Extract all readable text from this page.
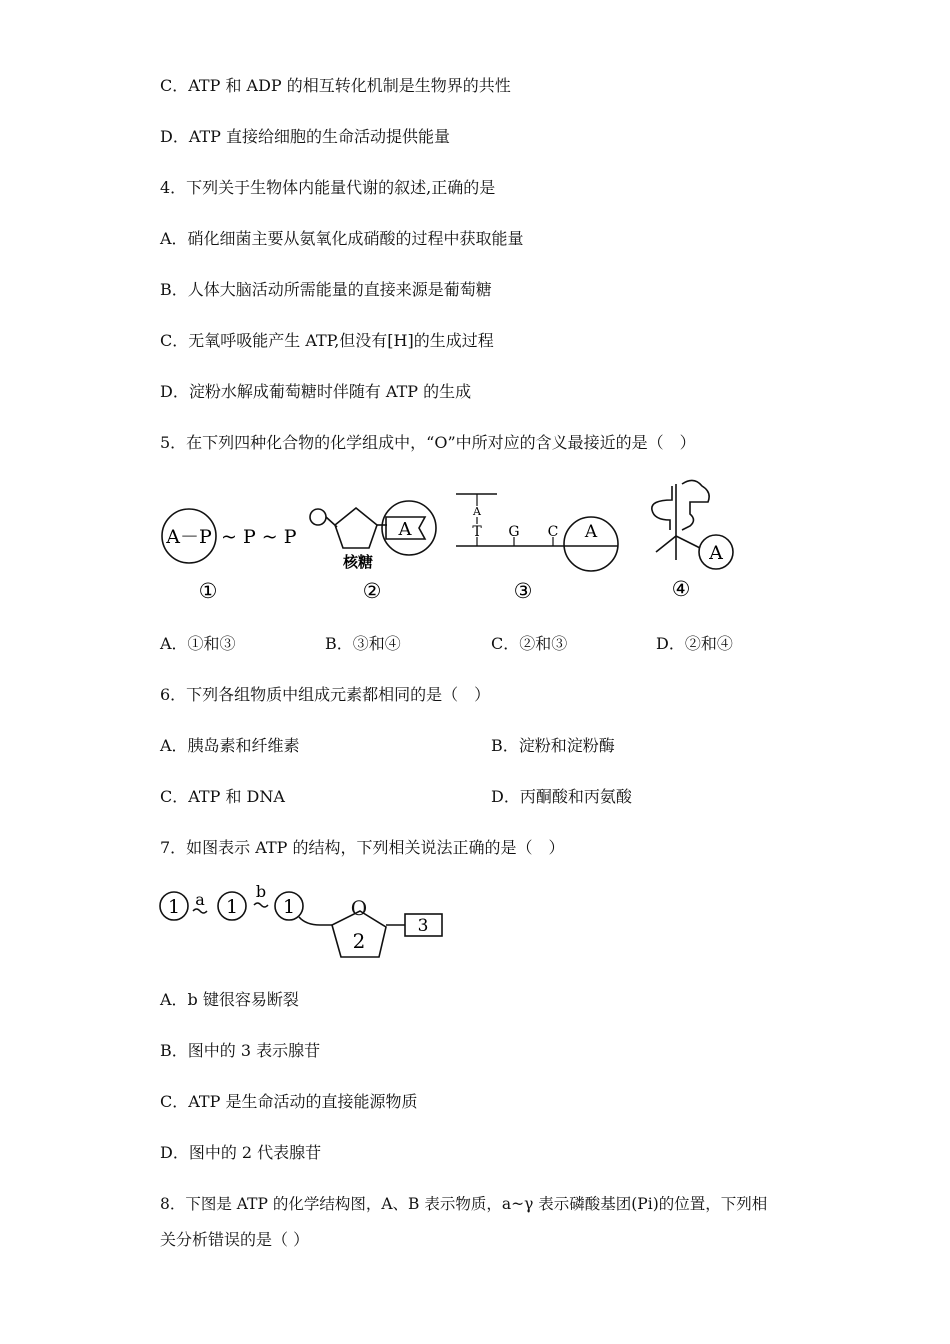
C．ATP 和 ADP 的相互转化机制是生物界的共性
D．ATP 直接给细胞的生命活动提供能量
4．下列关于生物体内能量代谢的叙述,正确的是
A．硝化细菌主要从氨氧化成硝酸的过程中获取能量
B．人体大脑活动所需能量的直接来源是葡萄糖
C．无氧呼吸能产生 ATP,但没有[H]的生成过程
D．淀粉水解成葡萄糖时伴随有 ATP 的生成
5．在下列四种化合物的化学组成中，“O”中所对应的含义最接近的是（　）
A－P ~ P ~ P
①
A
核糖
②
A
T G C A
③
A
④
A．①和③	B．③和④	C．②和③	D．②和④
6．下列各组物质中组成元素都相同的是（　）
A．胰岛素和纤维素	B．淀粉和淀粉酶
C．ATP 和 DNA	D．丙酮酸和丙氨酸
7．如图表示 ATP 的结构，下列相关说法正确的是（　）
1 a 1
b
1	O
2
3
A．b 键很容易断裂
B．图中的 3 表示腺苷
C．ATP 是生命活动的直接能源物质
D．图中的 2 代表腺苷
8．下图是 ATP 的化学结构图，A、B 表示物质，a~γ 表示磷酸基团(Pi)的位置，下列相
关分析错误的是（ ）
